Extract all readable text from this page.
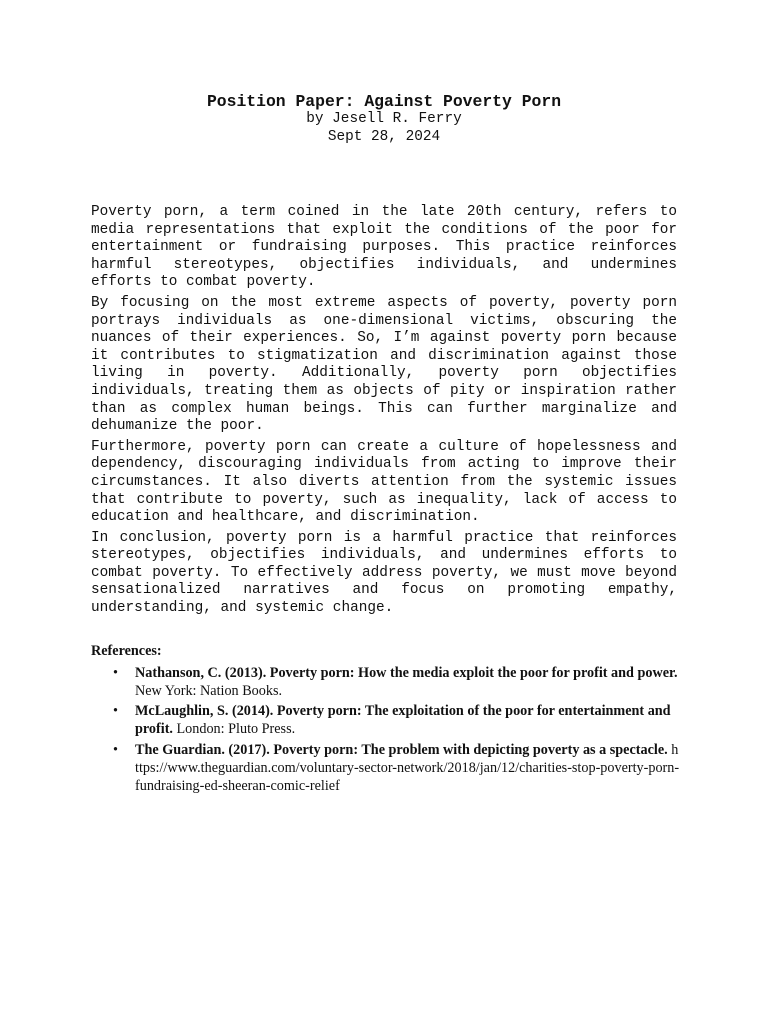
Position Paper: Against Poverty Porn
by Jesell R. Ferry
Sept 28, 2024

Poverty porn, a term coined in the late 20th century, refers to media representations that exploit the conditions of the poor for entertainment or fundraising purposes. This practice reinforces harmful stereotypes, objectifies individuals, and undermines efforts to combat poverty.

By focusing on the most extreme aspects of poverty, poverty porn portrays individuals as one-dimensional victims, obscuring the nuances of their experiences. So, I’m against poverty porn because it contributes to stigmatization and discrimination against those living in poverty. Additionally, poverty porn objectifies individuals, treating them as objects of pity or inspiration rather than as complex human beings. This can further marginalize and dehumanize the poor.

Furthermore, poverty porn can create a culture of hopelessness and dependency, discouraging individuals from acting to improve their circumstances. It also diverts attention from the systemic issues that contribute to poverty, such as inequality, lack of access to education and healthcare, and discrimination.

In conclusion, poverty porn is a harmful practice that reinforces stereotypes, objectifies individuals, and undermines efforts to combat poverty. To effectively address poverty, we must move beyond sensationalized narratives and focus on promoting empathy, understanding, and systemic change.

References:
• Nathanson, C. (2013). Poverty porn: How the media exploit the poor for profit and power. New York: Nation Books.
• McLaughlin, S. (2014). Poverty porn: The exploitation of the poor for entertainment and profit. London: Pluto Press.
• The Guardian. (2017). Poverty porn: The problem with depicting poverty as a spectacle. https://www.theguardian.com/voluntary-sector-network/2018/jan/12/charities-stop-poverty-porn-fundraising-ed-sheeran-comic-relief
